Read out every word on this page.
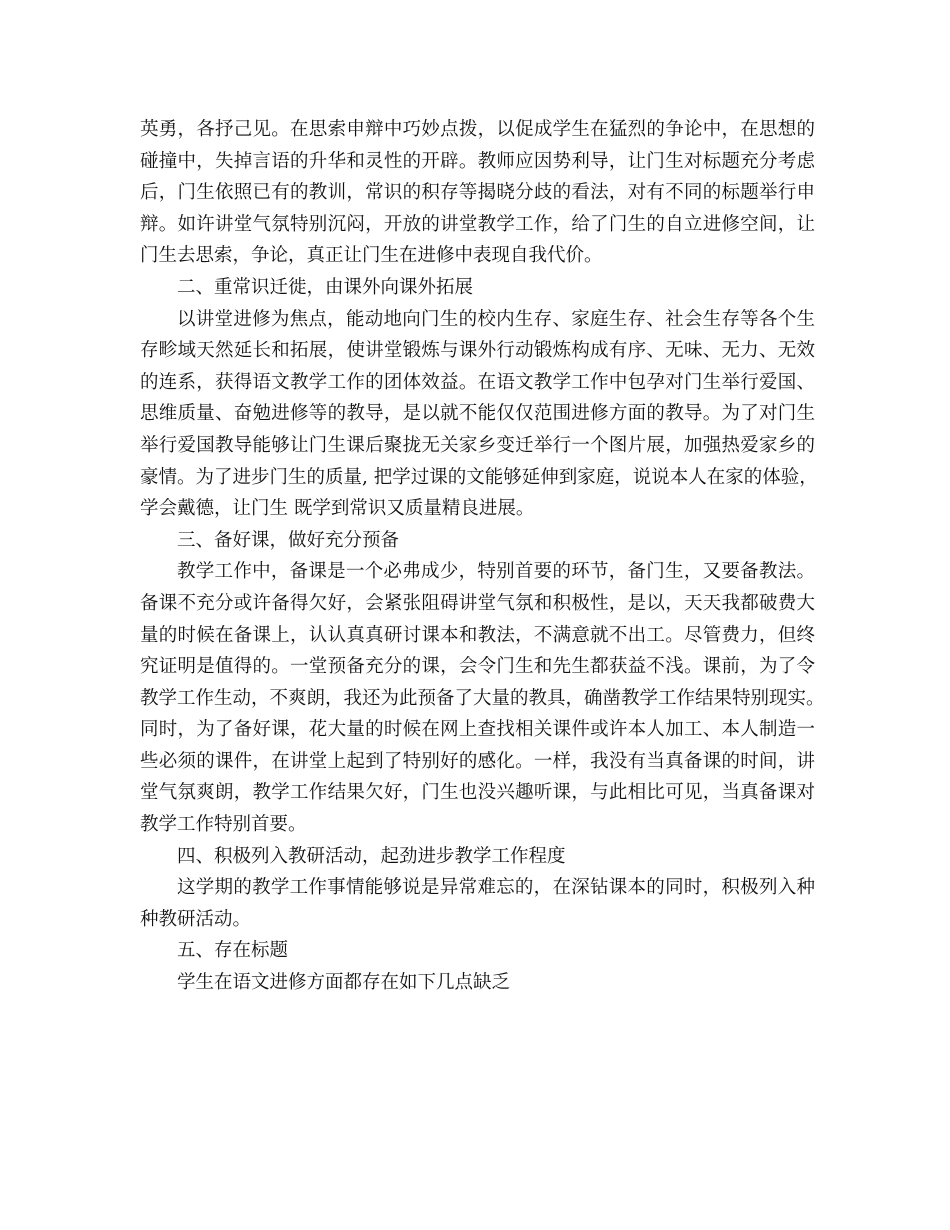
英勇，各抒己见。在思索申辩中巧妙点拨，以促成学生在猛烈的争论中，在思想的
碰撞中，失掉言语的升华和灵性的开辟。教师应因势利导，让门生对标题充分考虑
后，门生依照已有的教训，常识的积存等揭晓分歧的看法，对有不同的标题举行申
辩。如许讲堂气氛特别沉闷，开放的讲堂教学工作，给了门生的自立进修空间，让
门生去思索，争论，真正让门生在进修中表现自我代价。
二、重常识迁徙，由课外向课外拓展
以讲堂进修为焦点，能动地向门生的校内生存、家庭生存、社会生存等各个生
存畛域天然延长和拓展，使讲堂锻炼与课外行动锻炼构成有序、无味、无力、无效
的连系，获得语文教学工作的团体效益。在语文教学工作中包孕对门生举行爱国、
思维质量、奋勉进修等的教导，是以就不能仅仅范围进修方面的教导。为了对门生
举行爱国教导能够让门生课后聚拢无关家乡变迁举行一个图片展，加强热爱家乡的
豪情。为了进步门生的质量, 把学过课的文能够延伸到家庭，说说本人在家的体验，
学会戴德，让门生 既学到常识又质量精良进展。
三、备好课，做好充分预备
教学工作中，备课是一个必弗成少，特别首要的环节，备门生，又要备教法。
备课不充分或许备得欠好，会紧张阻碍讲堂气氛和积极性，是以，天天我都破费大
量的时候在备课上，认认真真研讨课本和教法，不满意就不出工。尽管费力，但终
究证明是值得的。一堂预备充分的课，会令门生和先生都获益不浅。课前，为了令
教学工作生动，不爽朗，我还为此预备了大量的教具，确凿教学工作结果特别现实。
同时，为了备好课，花大量的时候在网上查找相关课件或许本人加工、本人制造一
些必须的课件，在讲堂上起到了特别好的感化。一样，我没有当真备课的时间，讲
堂气氛爽朗，教学工作结果欠好，门生也没兴趣听课，与此相比可见，当真备课对
教学工作特别首要。
四、积极列入教研活动，起劲进步教学工作程度
这学期的教学工作事情能够说是异常难忘的，在深钻课本的同时，积极列入种
种教研活动。
五、存在标题
学生在语文进修方面都存在如下几点缺乏
